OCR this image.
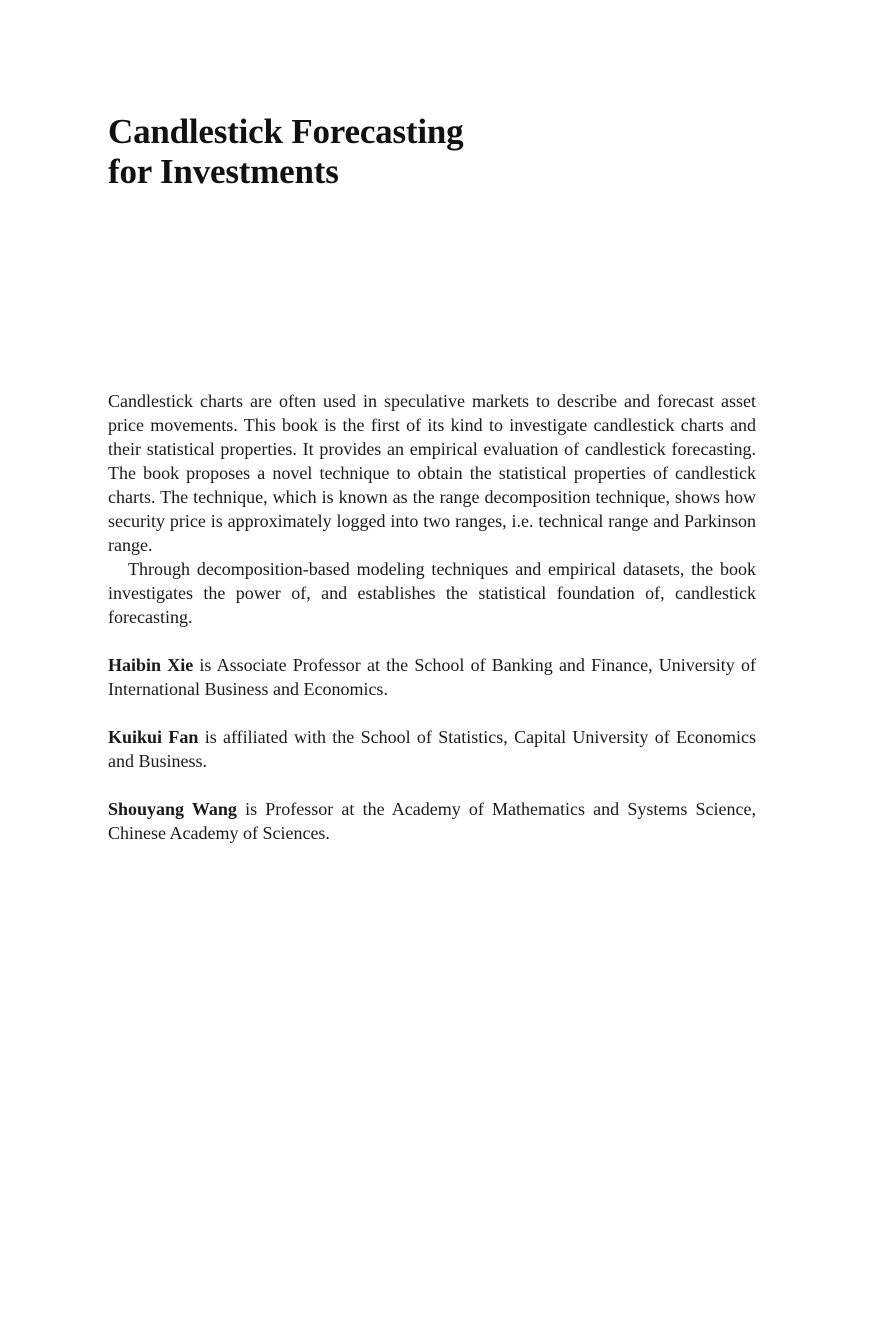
Candlestick Forecasting
for Investments

Candlestick charts are often used in speculative markets to describe and forecast asset price movements. This book is the first of its kind to investigate candlestick charts and their statistical properties. It provides an empirical evaluation of candlestick forecasting. The book proposes a novel technique to obtain the statistical properties of candlestick charts. The technique, which is known as the range decomposition technique, shows how security price is approximately logged into two ranges, i.e. technical range and Parkinson range.

Through decomposition-based modeling techniques and empirical datasets, the book investigates the power of, and establishes the statistical foundation of, candlestick forecasting.

Haibin Xie is Associate Professor at the School of Banking and Finance, University of International Business and Economics.

Kuikui Fan is affiliated with the School of Statistics, Capital University of Economics and Business.

Shouyang Wang is Professor at the Academy of Mathematics and Systems Science, Chinese Academy of Sciences.
